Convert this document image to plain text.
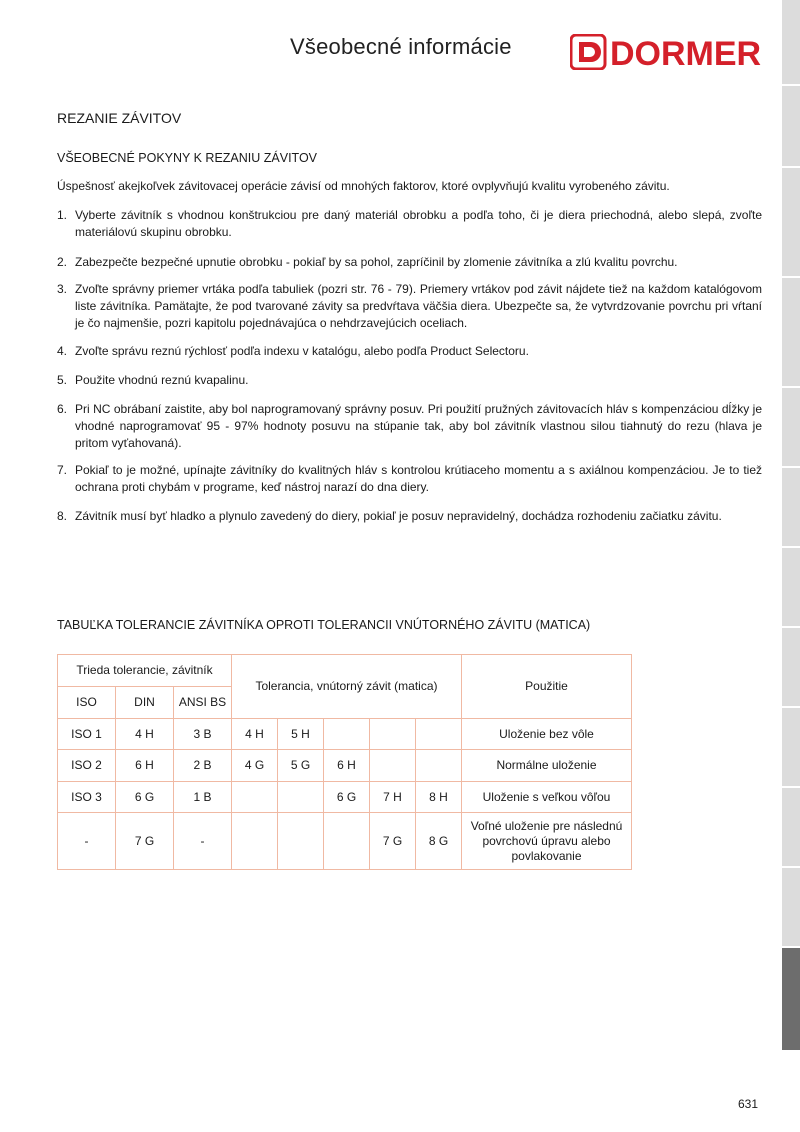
Všeobecné informácie	DORMER
REZANIE ZÁVITOV
VŠEOBECNÉ POKYNY K REZANIU ZÁVITOV
Úspešnosť akejkoľvek závitovacej operácie závisí od mnohých faktorov, ktoré ovplyvňujú kvalitu vyrobeného závitu.
1. Vyberte závitník s vhodnou konštrukciou pre daný materiál obrobku a podľa toho, či je diera priechodná, alebo slepá, zvoľte materiálovú skupinu obrobku.
2. Zabezpečte bezpečné upnutie obrobku - pokiaľ by sa pohol, zapríčinil by zlomenie závitníka a zlú kvalitu povrchu.
3. Zvoľte správny priemer vrtáka podľa tabuliek (pozri str. 76 - 79). Priemery vrtákov pod závit nájdete tiež na každom katalógovom liste závitníka. Pamätajte, že pod tvarované závity sa predvŕtava väčšia diera. Ubezpečte sa, že vytvrdzovanie povrchu pri vŕtaní je čo najmenšie, pozri kapitolu pojednávajúca o nehdrzavejúcich oceliach.
4. Zvoľte správu reznú rýchlosť podľa indexu v katalógu, alebo podľa Product Selectoru.
5. Použite vhodnú reznú kvapalinu.
6. Pri NC obrábaní zaistite, aby bol naprogramovaný správny posuv. Pri použití pružných závitovacích hláv s kompenzáciou dĺžky je vhodné naprogramovať 95 - 97% hodnoty posuvu na stúpanie tak, aby bol závitník vlastnou silou tiahnutý do rezu (hlava je pritom vyťahovaná).
7. Pokiaľ to je možné, upínajte závitníky do kvalitných hláv s kontrolou krútiaceho momentu a s axiálnou kompenzáciou. Je to tiež ochrana proti chybám v programe, keď nástroj narazí do dna diery.
8. Závitník musí byť hladko a plynulo zavedený do diery, pokiaľ je posuv nepravidelný, dochádza rozhodeniu začiatku závitu.
TABUĽKA TOLERANCIE ZÁVITNÍKA OPROTI TOLERANCII VNÚTORNÉHO ZÁVITU (MATICA)
Trieda tolerancie, závitník			Tolerancia, vnútorný závit (matica)					Použitie
ISO	DIN	ANSI BS						
ISO 1	4 H	3 B	4 H	5 H				Uloženie bez vôle
ISO 2	6 H	2 B	4 G	5 G	6 H			Normálne uloženie
ISO 3	6 G	1 B			6 G	7 H	8 H	Uloženie s veľkou vôľou
-	7 G	-				7 G	8 G	Voľné uloženie pre následnú povrchovú úpravu alebo povlakovanie
631
